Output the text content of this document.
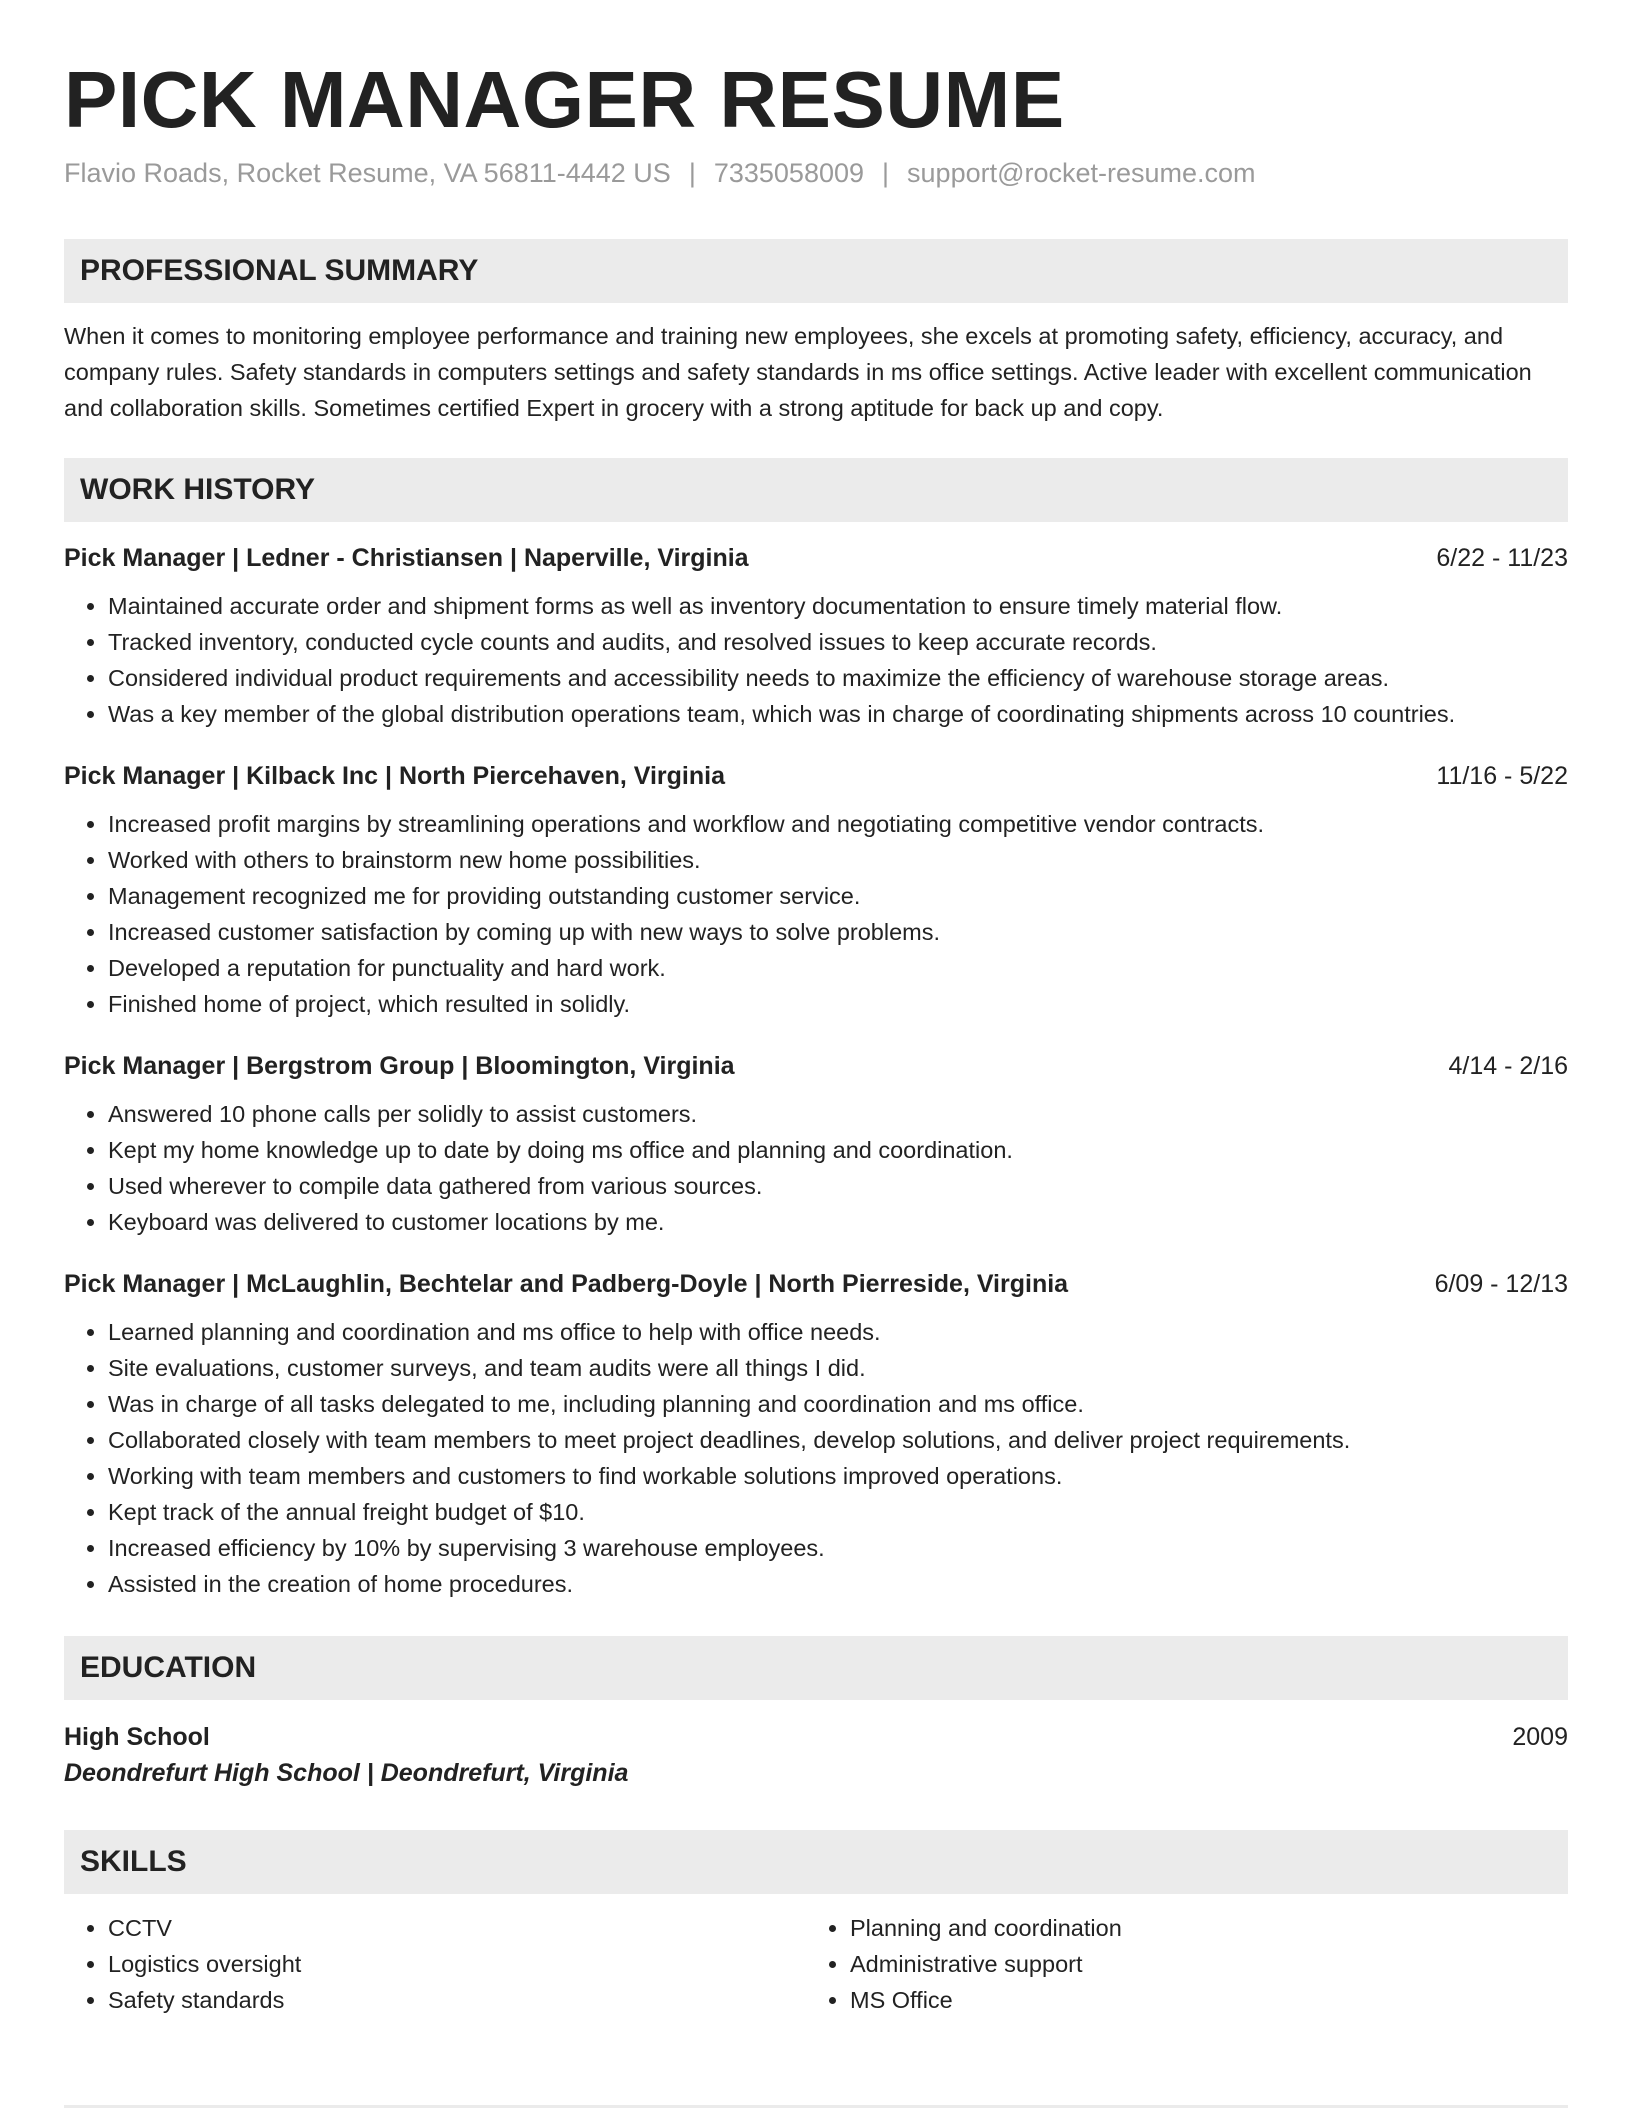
PICK MANAGER RESUME
Flavio Roads, Rocket Resume, VA 56811-4442 US | 7335058009 | support@rocket-resume.com
PROFESSIONAL SUMMARY
When it comes to monitoring employee performance and training new employees, she excels at promoting safety, efficiency, accuracy, and company rules. Safety standards in computers settings and safety standards in ms office settings. Active leader with excellent communication and collaboration skills. Sometimes certified Expert in grocery with a strong aptitude for back up and copy.
WORK HISTORY
Pick Manager | Ledner - Christiansen | Naperville, Virginia	6/22 - 11/23
• Maintained accurate order and shipment forms as well as inventory documentation to ensure timely material flow.
• Tracked inventory, conducted cycle counts and audits, and resolved issues to keep accurate records.
• Considered individual product requirements and accessibility needs to maximize the efficiency of warehouse storage areas.
• Was a key member of the global distribution operations team, which was in charge of coordinating shipments across 10 countries.
Pick Manager | Kilback Inc | North Piercehaven, Virginia	11/16 - 5/22
• Increased profit margins by streamlining operations and workflow and negotiating competitive vendor contracts.
• Worked with others to brainstorm new home possibilities.
• Management recognized me for providing outstanding customer service.
• Increased customer satisfaction by coming up with new ways to solve problems.
• Developed a reputation for punctuality and hard work.
• Finished home of project, which resulted in solidly.
Pick Manager | Bergstrom Group | Bloomington, Virginia	4/14 - 2/16
• Answered 10 phone calls per solidly to assist customers.
• Kept my home knowledge up to date by doing ms office and planning and coordination.
• Used wherever to compile data gathered from various sources.
• Keyboard was delivered to customer locations by me.
Pick Manager | McLaughlin, Bechtelar and Padberg-Doyle | North Pierreside, Virginia	6/09 - 12/13
• Learned planning and coordination and ms office to help with office needs.
• Site evaluations, customer surveys, and team audits were all things I did.
• Was in charge of all tasks delegated to me, including planning and coordination and ms office.
• Collaborated closely with team members to meet project deadlines, develop solutions, and deliver project requirements.
• Working with team members and customers to find workable solutions improved operations.
• Kept track of the annual freight budget of $10.
• Increased efficiency by 10% by supervising 3 warehouse employees.
• Assisted in the creation of home procedures.
EDUCATION
High School	2009
Deondrefurt High School | Deondrefurt, Virginia
SKILLS
• CCTV
• Logistics oversight
• Safety standards
• Planning and coordination
• Administrative support
• MS Office
